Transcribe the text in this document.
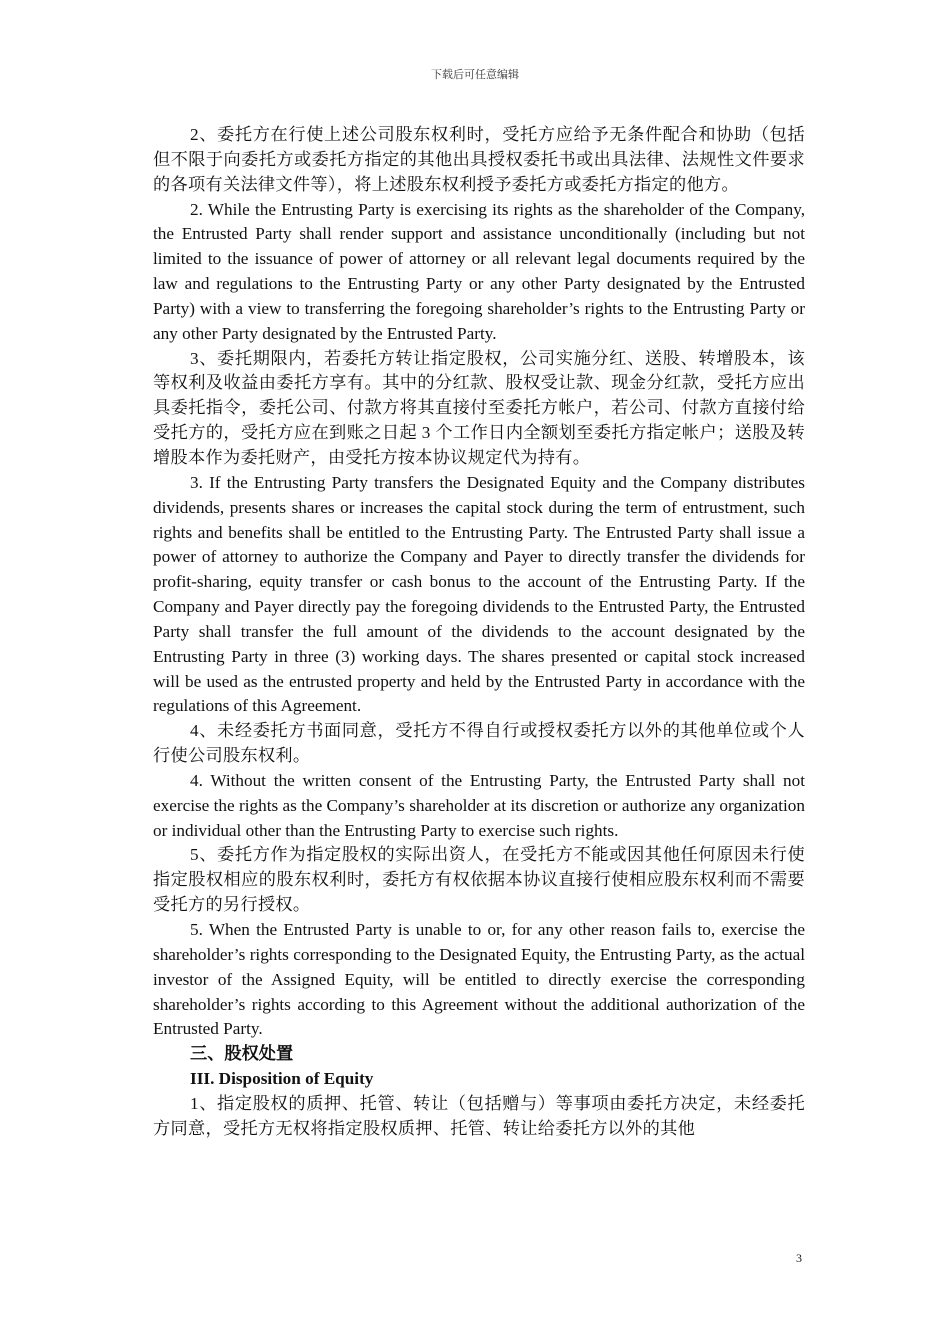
下载后可任意编辑

2、委托方在行使上述公司股东权利时，受托方应给予无条件配合和协助（包括但不限于向委托方或委托方指定的其他出具授权委托书或出具法律、法规性文件要求的各项有关法律文件等），将上述股东权利授予委托方或委托方指定的他方。

2. While the Entrusting Party is exercising its rights as the shareholder of the Company, the Entrusted Party shall render support and assistance unconditionally (including but not limited to the issuance of power of attorney or all relevant legal documents required by the law and regulations to the Entrusting Party or any other Party designated by the Entrusted Party) with a view to transferring the foregoing shareholder’s rights to the Entrusting Party or any other Party designated by the Entrusted Party.

3、委托期限内，若委托方转让指定股权，公司实施分红、送股、转增股本，该等权利及收益由委托方享有。其中的分红款、股权受让款、现金分红款，受托方应出具委托指令，委托公司、付款方将其直接付至委托方帐户，若公司、付款方直接付给受托方的，受托方应在到账之日起 3 个工作日内全额划至委托方指定帐户；送股及转增股本作为委托财产，由受托方按本协议规定代为持有。

3. If the Entrusting Party transfers the Designated Equity and the Company distributes dividends, presents shares or increases the capital stock during the term of entrustment, such rights and benefits shall be entitled to the Entrusting Party. The Entrusted Party shall issue a power of attorney to authorize the Company and Payer to directly transfer the dividends for profit-sharing, equity transfer or cash bonus to the account of the Entrusting Party. If the Company and Payer directly pay the foregoing dividends to the Entrusted Party, the Entrusted Party shall transfer the full amount of the dividends to the account designated by the Entrusting Party in three (3) working days. The shares presented or capital stock increased will be used as the entrusted property and held by the Entrusted Party in accordance with the regulations of this Agreement.

4、未经委托方书面同意，受托方不得自行或授权委托方以外的其他单位或个人行使公司股东权利。

4. Without the written consent of the Entrusting Party, the Entrusted Party shall not exercise the rights as the Company’s shareholder at its discretion or authorize any organization or individual other than the Entrusting Party to exercise such rights.

5、委托方作为指定股权的实际出资人，在受托方不能或因其他任何原因未行使指定股权相应的股东权利时，委托方有权依据本协议直接行使相应股东权利而不需要受托方的另行授权。

5. When the Entrusted Party is unable to or, for any other reason fails to, exercise the shareholder’s rights corresponding to the Designated Equity, the Entrusting Party, as the actual investor of the Assigned Equity, will be entitled to directly exercise the corresponding shareholder’s rights according to this Agreement without the additional authorization of the Entrusted Party.

三、股权处置

III. Disposition of Equity

1、指定股权的质押、托管、转让（包括赠与）等事项由委托方决定，未经委托方同意，受托方无权将指定股权质押、托管、转让给委托方以外的其他

3
